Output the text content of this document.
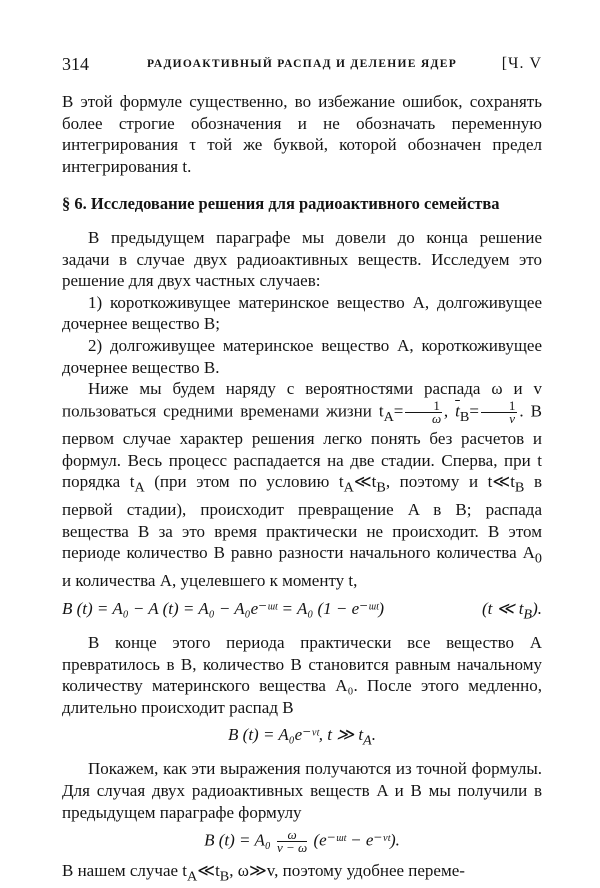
314	РАДИОАКТИВНЫЙ РАСПАД И ДЕЛЕНИЕ ЯДЕР	[Ч. V

В этой формуле существенно, во избежание ошибок, сохранять более строгие обозначения и не обозначать переменную интегрирования τ той же буквой, которой обозначен предел интегрирования t.

§ 6. Исследование решения для радиоактивного семейства

В предыдущем параграфе мы довели до конца решение задачи в случае двух радиоактивных веществ. Исследуем это решение для двух частных случаев:

1) короткоживущее материнское вещество A, долгоживущее дочернее вещество B;

2) долгоживущее материнское вещество A, короткоживущее дочернее вещество B.

Ниже мы будем наряду с вероятностями распада ω и v пользоваться средними временами жизни $t_A= \frac{1}{\omega}$ , $\overline{t}_B= \frac{1}{v}$ . В первом случае характер решения легко понять без расчетов и формул. Весь процесс распадается на две стадии. Сперва, при t порядка $t_A$ (при этом по условию $t_A≪t_B$, поэтому и $t≪t_B$ в первой стадии), происходит превращение A в B; распада вещества B за это время практически не происходит. В этом периоде количество B равно разности начального количества $A_0$ и количества A, уцелевшего к моменту t,

B (t) = A₀ − A (t) = A₀ − A₀e⁻ᵚᵗ = A₀ (1 − e⁻ᵚᵗ)	(t ≪ $t_B$).

В конце этого периода практически все вещество A превратилось в B, количество B становится равным начальному количеству материнского вещества A₀. После этого медленно, длительно происходит распад B

B (t) = A₀e⁻ᵛᵗ, t ≫ $t_A$.

Покажем, как эти выражения получаются из точной формулы. Для случая двух радиоактивных веществ A и B мы получили в предыдущем параграфе формулу

B $(t) = A_0 \frac{\omega}{v - \omega}$ (e⁻ᵚᵗ − e⁻ᵛᵗ).

В нашем случае $t_A≪t_B$, ω≫v, поэтому удобнее переме-
